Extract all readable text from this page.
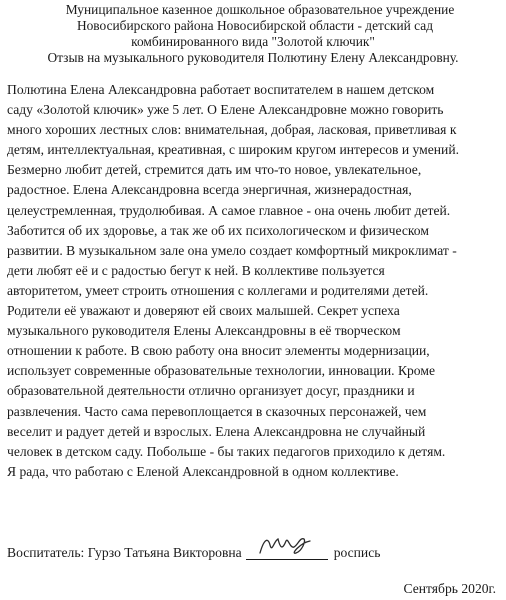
Муниципальное казенное дошкольное образовательное учреждение
Новосибирского района Новосибирской области - детский сад
комбинированного вида "Золотой ключик"
Отзыв на музыкального руководителя Полютину Елену Александровну.
Полютина Елена Александровна работает воспитателем в нашем детском
саду «Золотой ключик» уже 5 лет. О Елене Александровне можно говорить
много хороших лестных слов: внимательная, добрая, ласковая, приветливая к
детям, интеллектуальная, креативная, с широким кругом интересов и умений.
Безмерно любит детей, стремится дать им что-то новое, увлекательное,
радостное. Елена Александровна всегда энергичная, жизнерадостная,
целеустремленная, трудолюбивая. А самое главное - она очень любит детей.
Заботится об их здоровье, а так же об их психологическом и физическом
развитии. В музыкальном зале она умело создает комфортный микроклимат -
дети любят её и с радостью бегут к ней. В коллективе пользуется
авторитетом, умеет строить отношения с коллегами и родителями детей.
Родители её уважают и доверяют ей своих малышей. Секрет успеха
музыкального руководителя Елены Александровны в её творческом
отношении к работе. В свою работу она вносит элементы модернизации,
использует современные образовательные технологии, инновации. Кроме
образовательной деятельности отлично организует досуг, праздники и
развлечения. Часто сама перевоплощается в сказочных персонажей, чем
веселит и радует детей и взрослых. Елена Александровна не случайный
человек в детском саду. Побольше - бы таких педагогов приходило к детям.
Я рада, что работаю с Еленой Александровной в одном коллективе.
Воспитатель: Гурзо Татьяна Викторовна	роспись
Сентябрь 2020г.
